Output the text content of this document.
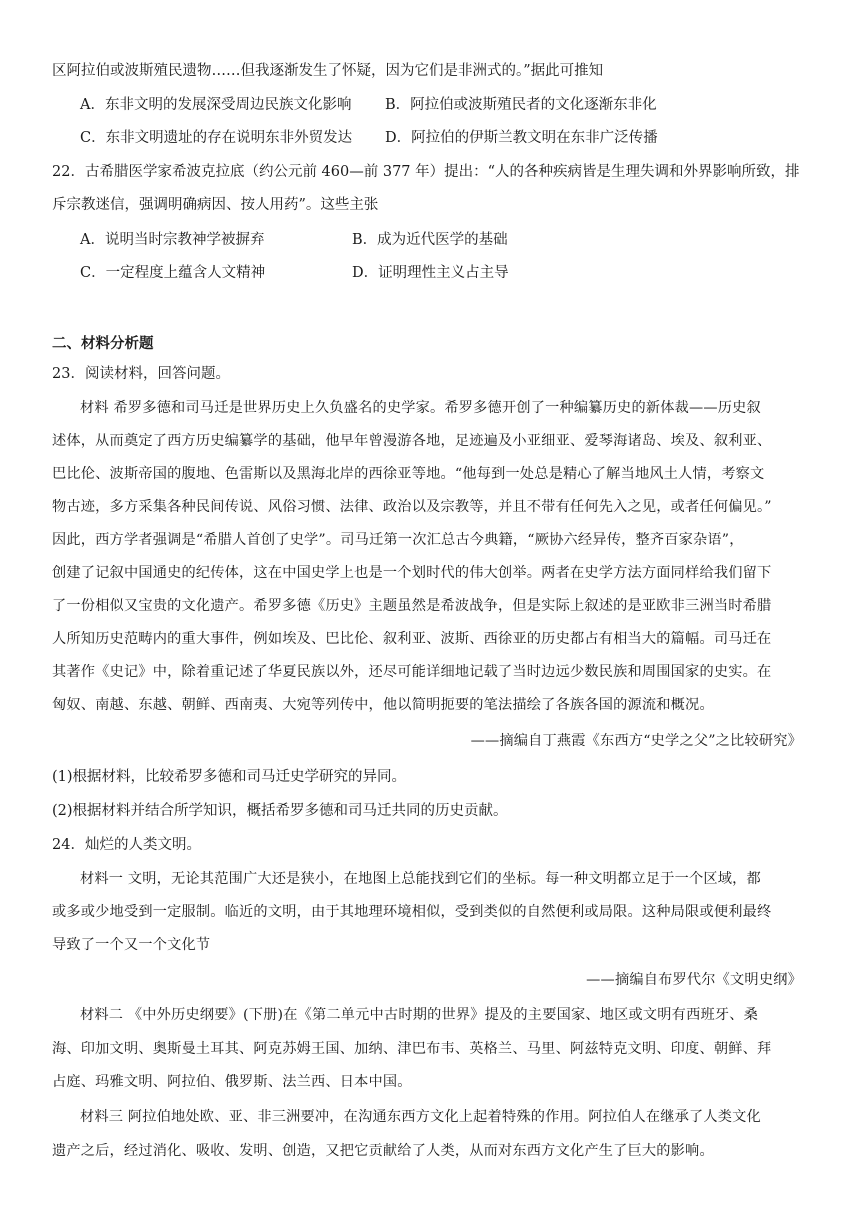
区阿拉伯或波斯殖民遗物……但我逐渐发生了怀疑，因为它们是非洲式的。”据此可推知
A．东非文明的发展深受周边民族文化影响 B．阿拉伯或波斯殖民者的文化逐渐东非化
C．东非文明遗址的存在说明东非外贸发达 D．阿拉伯的伊斯兰教文明在东非广泛传播
22．古希腊医学家希波克拉底（约公元前 460—前 377 年）提出：“人的各种疾病皆是生理失调和外界影响所致，排
斥宗教迷信，强调明确病因、按人用药”。这些主张
A．说明当时宗教神学被摒弃	B．成为近代医学的基础
C．一定程度上蕴含人文精神	D．证明理性主义占主导
二、材料分析题
23．阅读材料，回答问题。
材料 希罗多德和司马迁是世界历史上久负盛名的史学家。希罗多德开创了一种编纂历史的新体裁——历史叙
述体，从而奠定了西方历史编纂学的基础，他早年曾漫游各地，足迹遍及小亚细亚、爱琴海诸岛、埃及、叙利亚、
巴比伦、波斯帝国的腹地、色雷斯以及黑海北岸的西徐亚等地。“他每到一处总是精心了解当地风土人情，考察文
物古迹，多方采集各种民间传说、风俗习惯、法律、政治以及宗教等，并且不带有任何先入之见，或者任何偏见。”
因此，西方学者强调是“希腊人首创了史学”。司马迁第一次汇总古今典籍，“厥协六经异传，整齐百家杂语”，
创建了记叙中国通史的纪传体，这在中国史学上也是一个划时代的伟大创举。两者在史学方法方面同样给我们留下
了一份相似又宝贵的文化遗产。希罗多德《历史》主题虽然是希波战争，但是实际上叙述的是亚欧非三洲当时希腊
人所知历史范畴内的重大事件，例如埃及、巴比伦、叙利亚、波斯、西徐亚的历史都占有相当大的篇幅。司马迁在
其著作《史记》中，除着重记述了华夏民族以外，还尽可能详细地记载了当时边远少数民族和周围国家的史实。在
匈奴、南越、东越、朝鲜、西南夷、大宛等列传中，他以简明扼要的笔法描绘了各族各国的源流和概况。
——摘编自丁燕霞《东西方“史学之父”之比较研究》
(1)根据材料，比较希罗多德和司马迁史学研究的异同。
(2)根据材料并结合所学知识，概括希罗多德和司马迁共同的历史贡献。
24．灿烂的人类文明。
材料一 文明，无论其范围广大还是狭小，在地图上总能找到它们的坐标。每一种文明都立足于一个区域，都
或多或少地受到一定服制。临近的文明，由于其地理环境相似，受到类似的自然便利或局限。这种局限或便利最终
导致了一个又一个文化节
——摘编自布罗代尔《文明史纲》
材料二 《中外历史纲要》(下册)在《第二单元中古时期的世界》提及的主要国家、地区或文明有西班牙、桑
海、印加文明、奥斯曼土耳其、阿克苏姆王国、加纳、津巴布韦、英格兰、马里、阿兹特克文明、印度、朝鲜、拜
占庭、玛雅文明、阿拉伯、俄罗斯、法兰西、日本中国。
材料三 阿拉伯地处欧、亚、非三洲要冲，在沟通东西方文化上起着特殊的作用。阿拉伯人在继承了人类文化
遗产之后，经过消化、吸收、发明、创造，又把它贡献给了人类，从而对东西方文化产生了巨大的影响。
